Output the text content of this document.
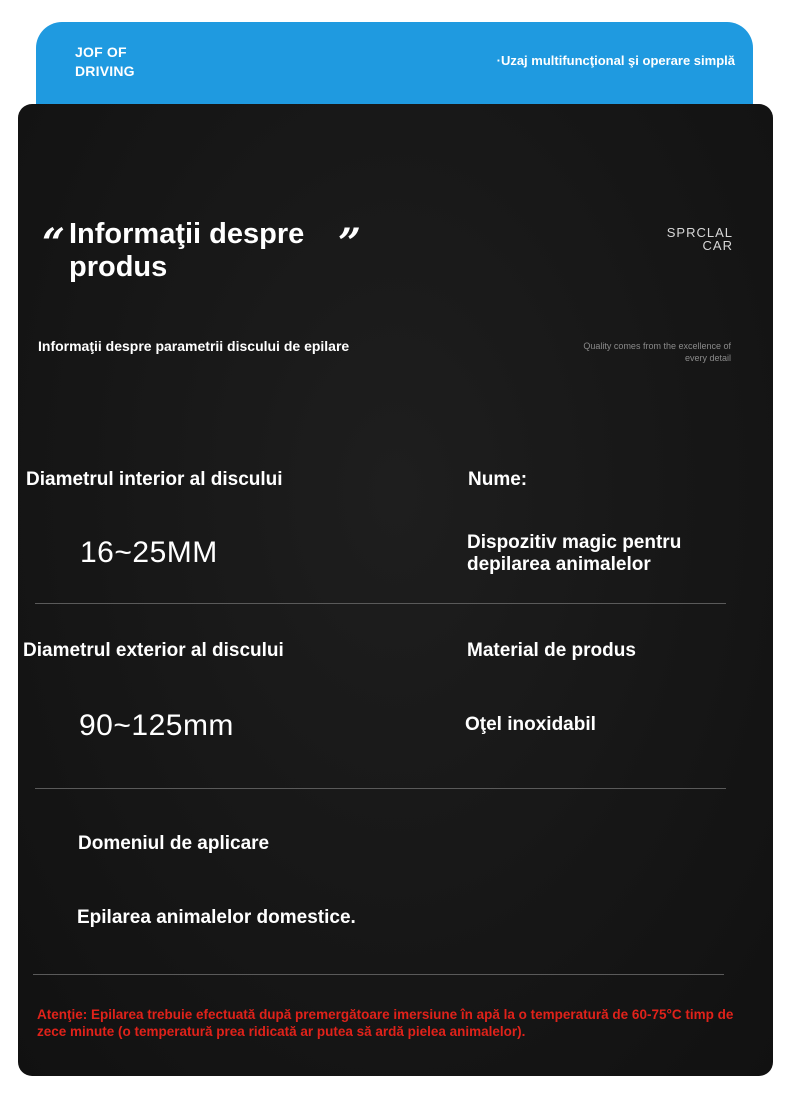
JOF OF DRIVING
·Uzaj multifuncţional şi operare simplă
“ Informaţii despre produs	”	SPRCLAL
CAR
Informaţii despre parametrii discului de epilare	Quality comes from the excellence of every detail
Diametrul interior al discului
16~25MM
Nume:
Dispozitiv magic pentru depilarea animalelor
Diametrul exterior al discului
90~125mm
Material de produs
Oţel inoxidabil
Domeniul de aplicare
Epilarea animalelor domestice.
Atenţie: Epilarea trebuie efectuată după premergătoare imersiune în apă la o temperatură de 60-75°C timp de zece minute (o temperatură prea ridicată ar putea să ardă pielea animalelor).
